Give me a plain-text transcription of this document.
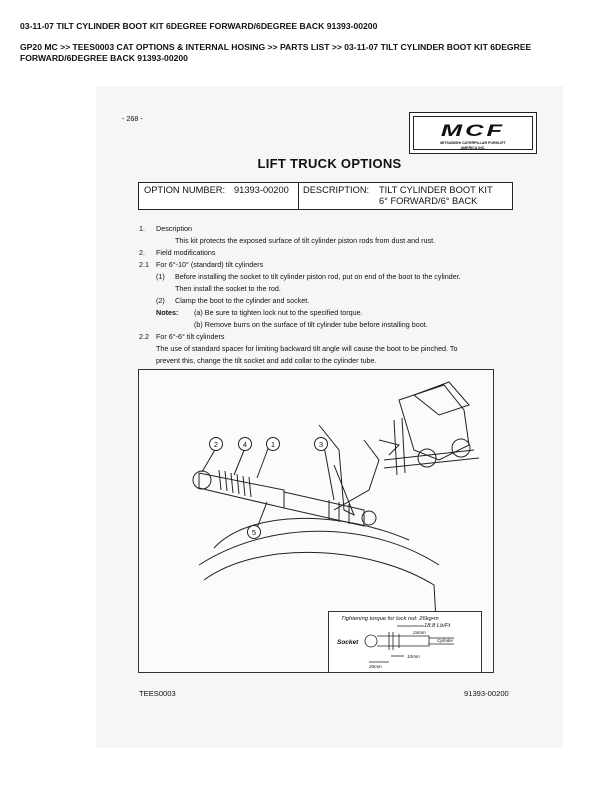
03-11-07 TILT CYLINDER BOOT KIT 6DEGREE FORWARD/6DEGREE BACK 91393-00200
GP20 MC >> TEES0003 CAT OPTIONS & INTERNAL HOSING >> PARTS LIST >> 03-11-07 TILT CYLINDER BOOT KIT 6DEGREE FORWARD/6DEGREE BACK 91393-00200
- 268 -
MCF
MITSUBISHI CATERPILLAR FORKLIFT
AMERICA INC.
LIFT TRUCK OPTIONS
OPTION NUMBER: 91393-00200 DESCRIPTION: TILT CYLINDER BOOT KIT
6° FORWARD/6° BACK
1. Description
This kit protects the exposed surface of tilt cylinder piston rods from dust and rust.
2. Field modifications
2.1 For 6°-10° (standard) tilt cylinders
(1) Before installing the socket to tilt cylinder piston rod, put on end of the boot to the cylinder.
Then install the socket to the rod.
(2) Clamp the boot to the cylinder and socket.
Notes: (a) Be sure to tighten lock nut to the specified torque.
(b) Remove burrs on the surface of tilt cylinder tube before installing boot.
2.2 For 6°-6° tilt cylinders
The use of standard spacer for limiting backward tilt angle will cause the boot to be pinched. To
prevent this, change the tilt socket and add collar to the cylinder tube.
2	4	1	3
5
Tightening torque for lock nut: 26kg•m
18.8 Lb/Ft
Socket
24mm
Cylinder
10mm
20mm
TEES0003	91393-00200
